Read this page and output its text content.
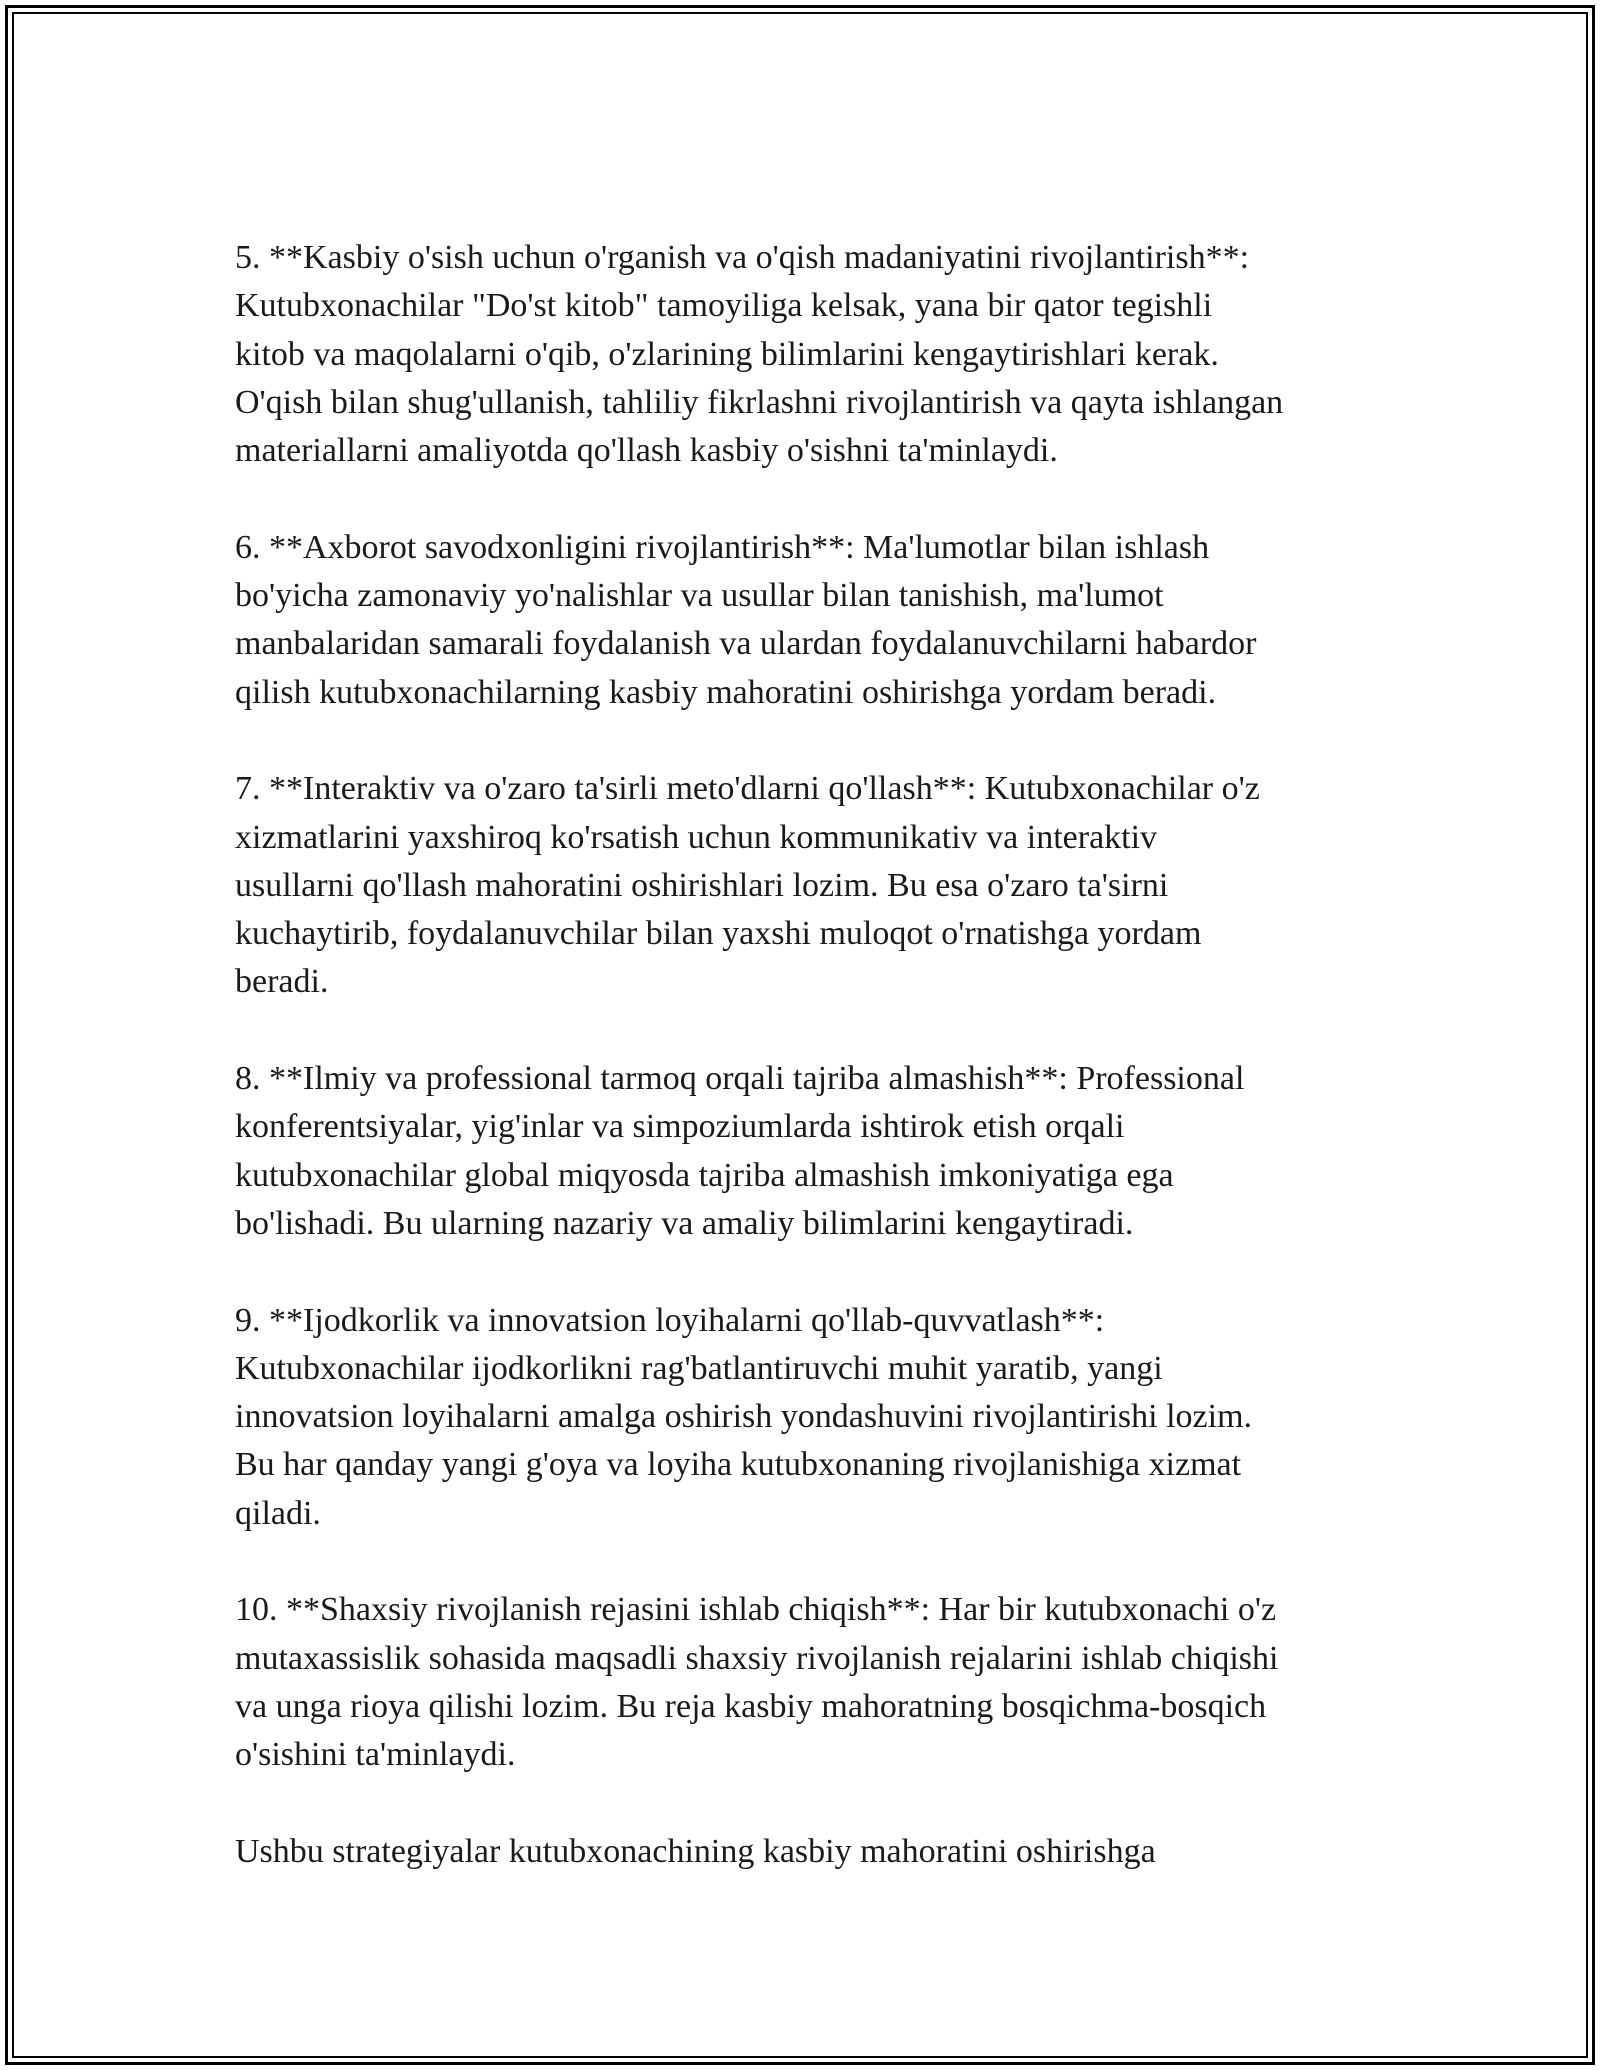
5. **Kasbiy o'sish uchun o'rganish va o'qish madaniyatini rivojlantirish**:
Kutubxonachilar "Do'st kitob" tamoyiliga kelsak, yana bir qator tegishli
kitob va maqolalarni o'qib, o'zlarining bilimlarini kengaytirishlari kerak.
O'qish bilan shug'ullanish, tahliliy fikrlashni rivojlantirish va qayta ishlangan
materiallarni amaliyotda qo'llash kasbiy o'sishni ta'minlaydi.

6. **Axborot savodxonligini rivojlantirish**: Ma'lumotlar bilan ishlash
bo'yicha zamonaviy yo'nalishlar va usullar bilan tanishish, ma'lumot
manbalaridan samarali foydalanish va ulardan foydalanuvchilarni habardor
qilish kutubxonachilarning kasbiy mahoratini oshirishga yordam beradi.

7. **Interaktiv va o'zaro ta'sirli meto'dlarni qo'llash**: Kutubxonachilar o'z
xizmatlarini yaxshiroq ko'rsatish uchun kommunikativ va interaktiv
usullarni qo'llash mahoratini oshirishlari lozim. Bu esa o'zaro ta'sirni
kuchaytirib, foydalanuvchilar bilan yaxshi muloqot o'rnatishga yordam
beradi.

8. **Ilmiy va professional tarmoq orqali tajriba almashish**: Professional
konferentsiyalar, yig'inlar va simpoziumlarda ishtirok etish orqali
kutubxonachilar global miqyosda tajriba almashish imkoniyatiga ega
bo'lishadi. Bu ularning nazariy va amaliy bilimlarini kengaytiradi.

9. **Ijodkorlik va innovatsion loyihalarni qo'llab-quvvatlash**:
Kutubxonachilar ijodkorlikni rag'batlantiruvchi muhit yaratib, yangi
innovatsion loyihalarni amalga oshirish yondashuvini rivojlantirishi lozim.
Bu har qanday yangi g'oya va loyiha kutubxonaning rivojlanishiga xizmat
qiladi.

10. **Shaxsiy rivojlanish rejasini ishlab chiqish**: Har bir kutubxonachi o'z
mutaxassislik sohasida maqsadli shaxsiy rivojlanish rejalarini ishlab chiqishi
va unga rioya qilishi lozim. Bu reja kasbiy mahoratning bosqichma-bosqich
o'sishini ta'minlaydi.

Ushbu strategiyalar kutubxonachining kasbiy mahoratini oshirishga
